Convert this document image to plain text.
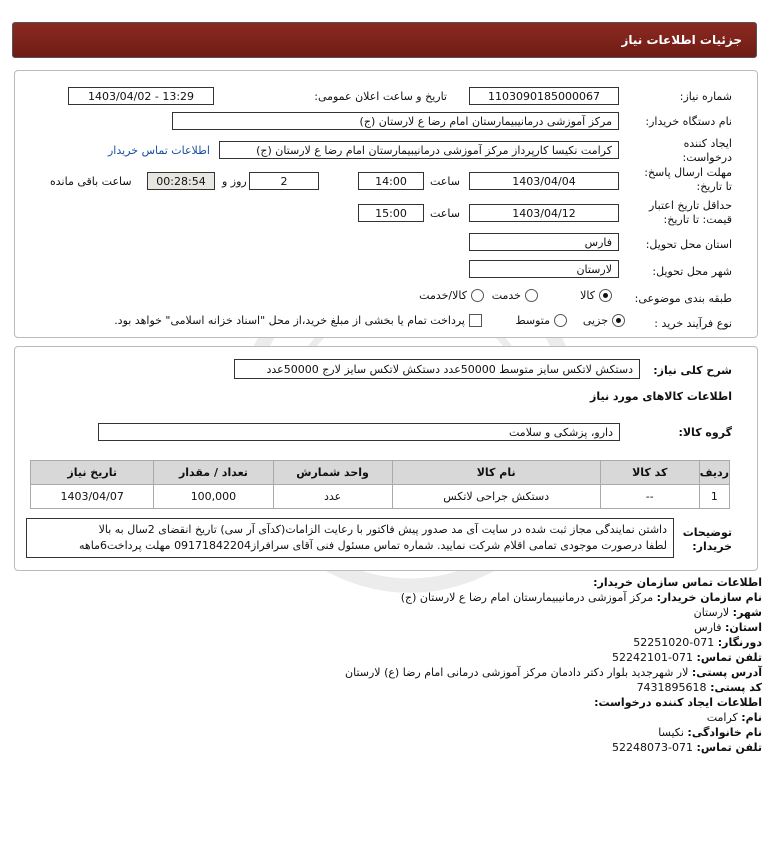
جزئیات اطلاعات نیاز
شماره نیاز:
1103090185000067
تاریخ و ساعت اعلان عمومی:
1403/04/02 - 13:29
نام دستگاه خریدار:
مرکز آموزشی درمانیبیمارستان امام رضا ع لارستان (ج)
ایجاد کننده
درخواست:
کرامت نکیسا کارپرداز مرکز آموزشی درمانیبیمارستان امام رضا ع لارستان (ج)
اطلاعات تماس خریدار
مهلت ارسال پاسخ:
تا تاریخ:
1403/04/04
ساعت
14:00
2
روز و
00:28:54
ساعت باقی مانده
حداقل تاریخ اعتبار
قیمت: تا تاریخ:
1403/04/12
ساعت
15:00
استان محل تحویل:
فارس
شهر محل تحویل:
لارستان
طبقه بندی موضوعی:
کالا
خدمت
کالا/خدمت
نوع فرآیند خرید :
جزیی
متوسط
پرداخت تمام یا بخشی از مبلغ خرید،از محل "اسناد خزانه اسلامی" خواهد بود.
شرح کلی نیاز:
دستکش لاتکس سایز متوسط 50000عدد دستکش لاتکس سایز لارج 50000عدد
اطلاعات کالاهای مورد نیاز
گروه کالا:
دارو، پزشکی و سلامت
ردیف	کد کالا	نام کالا	واحد شمارش	تعداد / مقدار	تاریخ نیاز
1	--	دستکش جراحی لاتکس	عدد	100,000	1403/04/07
توضیحات
خریدار:
داشتن نمایندگی مجاز ثبت شده در سایت آی مد صدور پیش فاکتور با رعایت الزامات(کدآی آر سی) تاریخ انقضای 2سال به بالا
لطفا درصورت موجودی تمامی اقلام شرکت نمایید. شماره تماس مسئول فنی آقای سرافراز09171842204 مهلت پرداخت6ماهه
اطلاعات تماس سازمان خریدار:
نام سازمان خریدار: مرکز آموزشی درمانیبیمارستان امام رضا ع لارستان (ج)
شهر: لارستان
استان: فارس
دورنگار: 071-52251020
تلفن تماس: 071-52242101
آدرس پستی: لار شهرجدید بلوار دکتر دادمان مرکز آموزشی درمانی امام رضا (ع) لارستان
کد پستی: 7431895618
اطلاعات ایجاد کننده درخواست:
نام: کرامت
نام خانوادگی: نکیسا
تلفن تماس: 071-52248073
